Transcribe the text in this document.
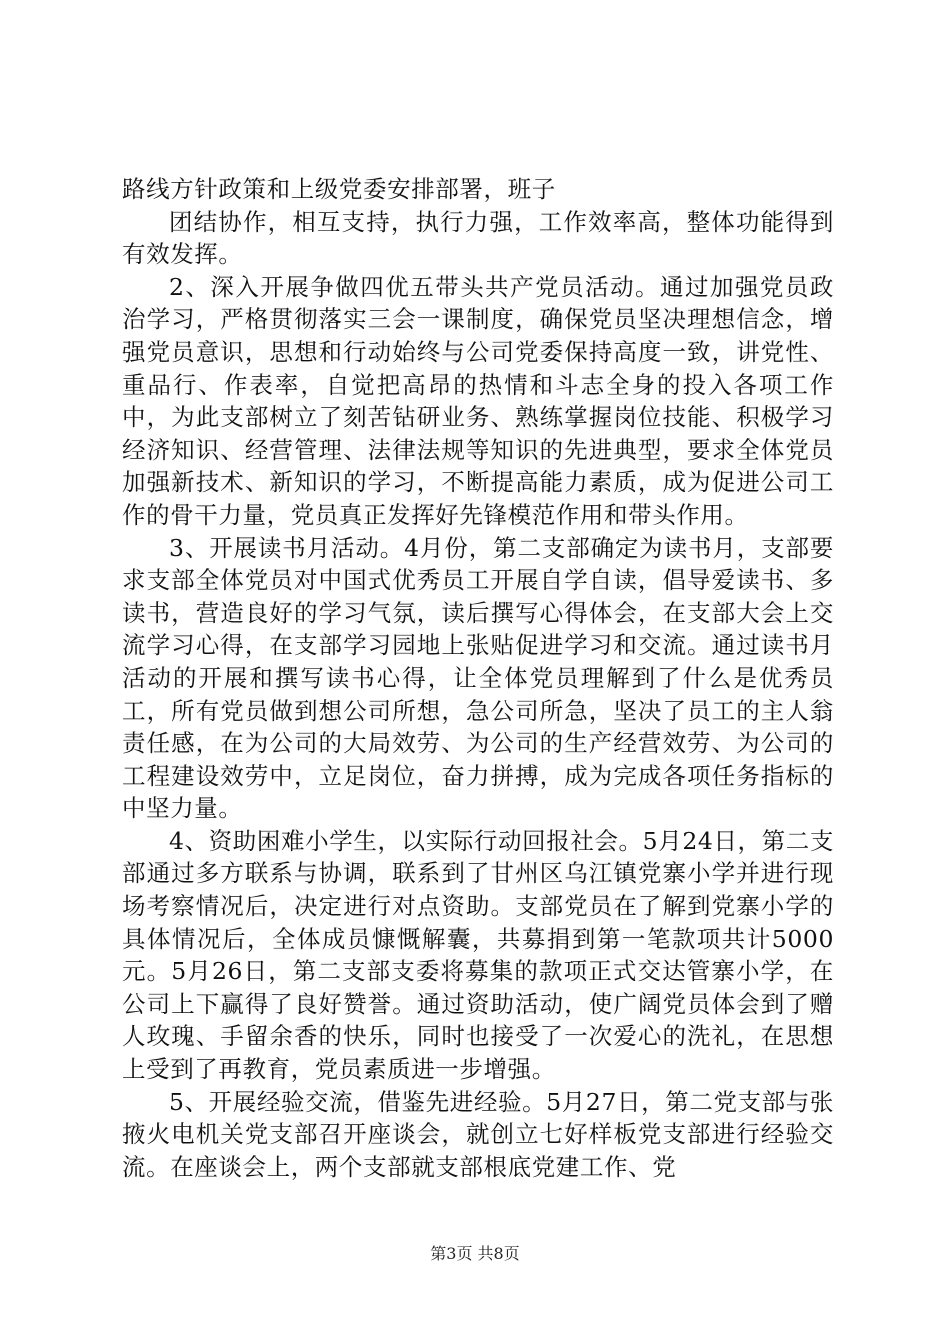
路线方针政策和上级党委安排部署，班子

团结协作，相互支持，执行力强，工作效率高，整体功能得到有效发挥。

2、深入开展争做四优五带头共产党员活动。通过加强党员政治学习，严格贯彻落实三会一课制度，确保党员坚决理想信念，增强党员意识，思想和行动始终与公司党委保持高度一致，讲党性、重品行、作表率，自觉把高昂的热情和斗志全身的投入各项工作中，为此支部树立了刻苦钻研业务、熟练掌握岗位技能、积极学习经济知识、经营管理、法律法规等知识的先进典型，要求全体党员加强新技术、新知识的学习，不断提高能力素质，成为促进公司工作的骨干力量，党员真正发挥好先锋模范作用和带头作用。

3、开展读书月活动。4月份，第二支部确定为读书月，支部要求支部全体党员对中国式优秀员工开展自学自读，倡导爱读书、多读书，营造良好的学习气氛，读后撰写心得体会，在支部大会上交流学习心得，在支部学习园地上张贴促进学习和交流。通过读书月活动的开展和撰写读书心得，让全体党员理解到了什么是优秀员工，所有党员做到想公司所想，急公司所急，坚决了员工的主人翁责任感，在为公司的大局效劳、为公司的生产经营效劳、为公司的工程建设效劳中，立足岗位，奋力拼搏，成为完成各项任务指标的中坚力量。

4、资助困难小学生，以实际行动回报社会。5月24日，第二支部通过多方联系与协调，联系到了甘州区乌江镇党寨小学并进行现场考察情况后，决定进行对点资助。支部党员在了解到党寨小学的具体情况后，全体成员慷慨解囊，共募捐到第一笔款项共计5000元。5月26日，第二支部支委将募集的款项正式交达管寨小学，在公司上下赢得了良好赞誉。通过资助活动，使广阔党员体会到了赠人玫瑰、手留余香的快乐，同时也接受了一次爱心的洗礼，在思想上受到了再教育，党员素质进一步增强。

5、开展经验交流，借鉴先进经验。5月27日，第二党支部与张掖火电机关党支部召开座谈会，就创立七好样板党支部进行经验交流。在座谈会上，两个支部就支部根底党建工作、党

第3页 共8页
